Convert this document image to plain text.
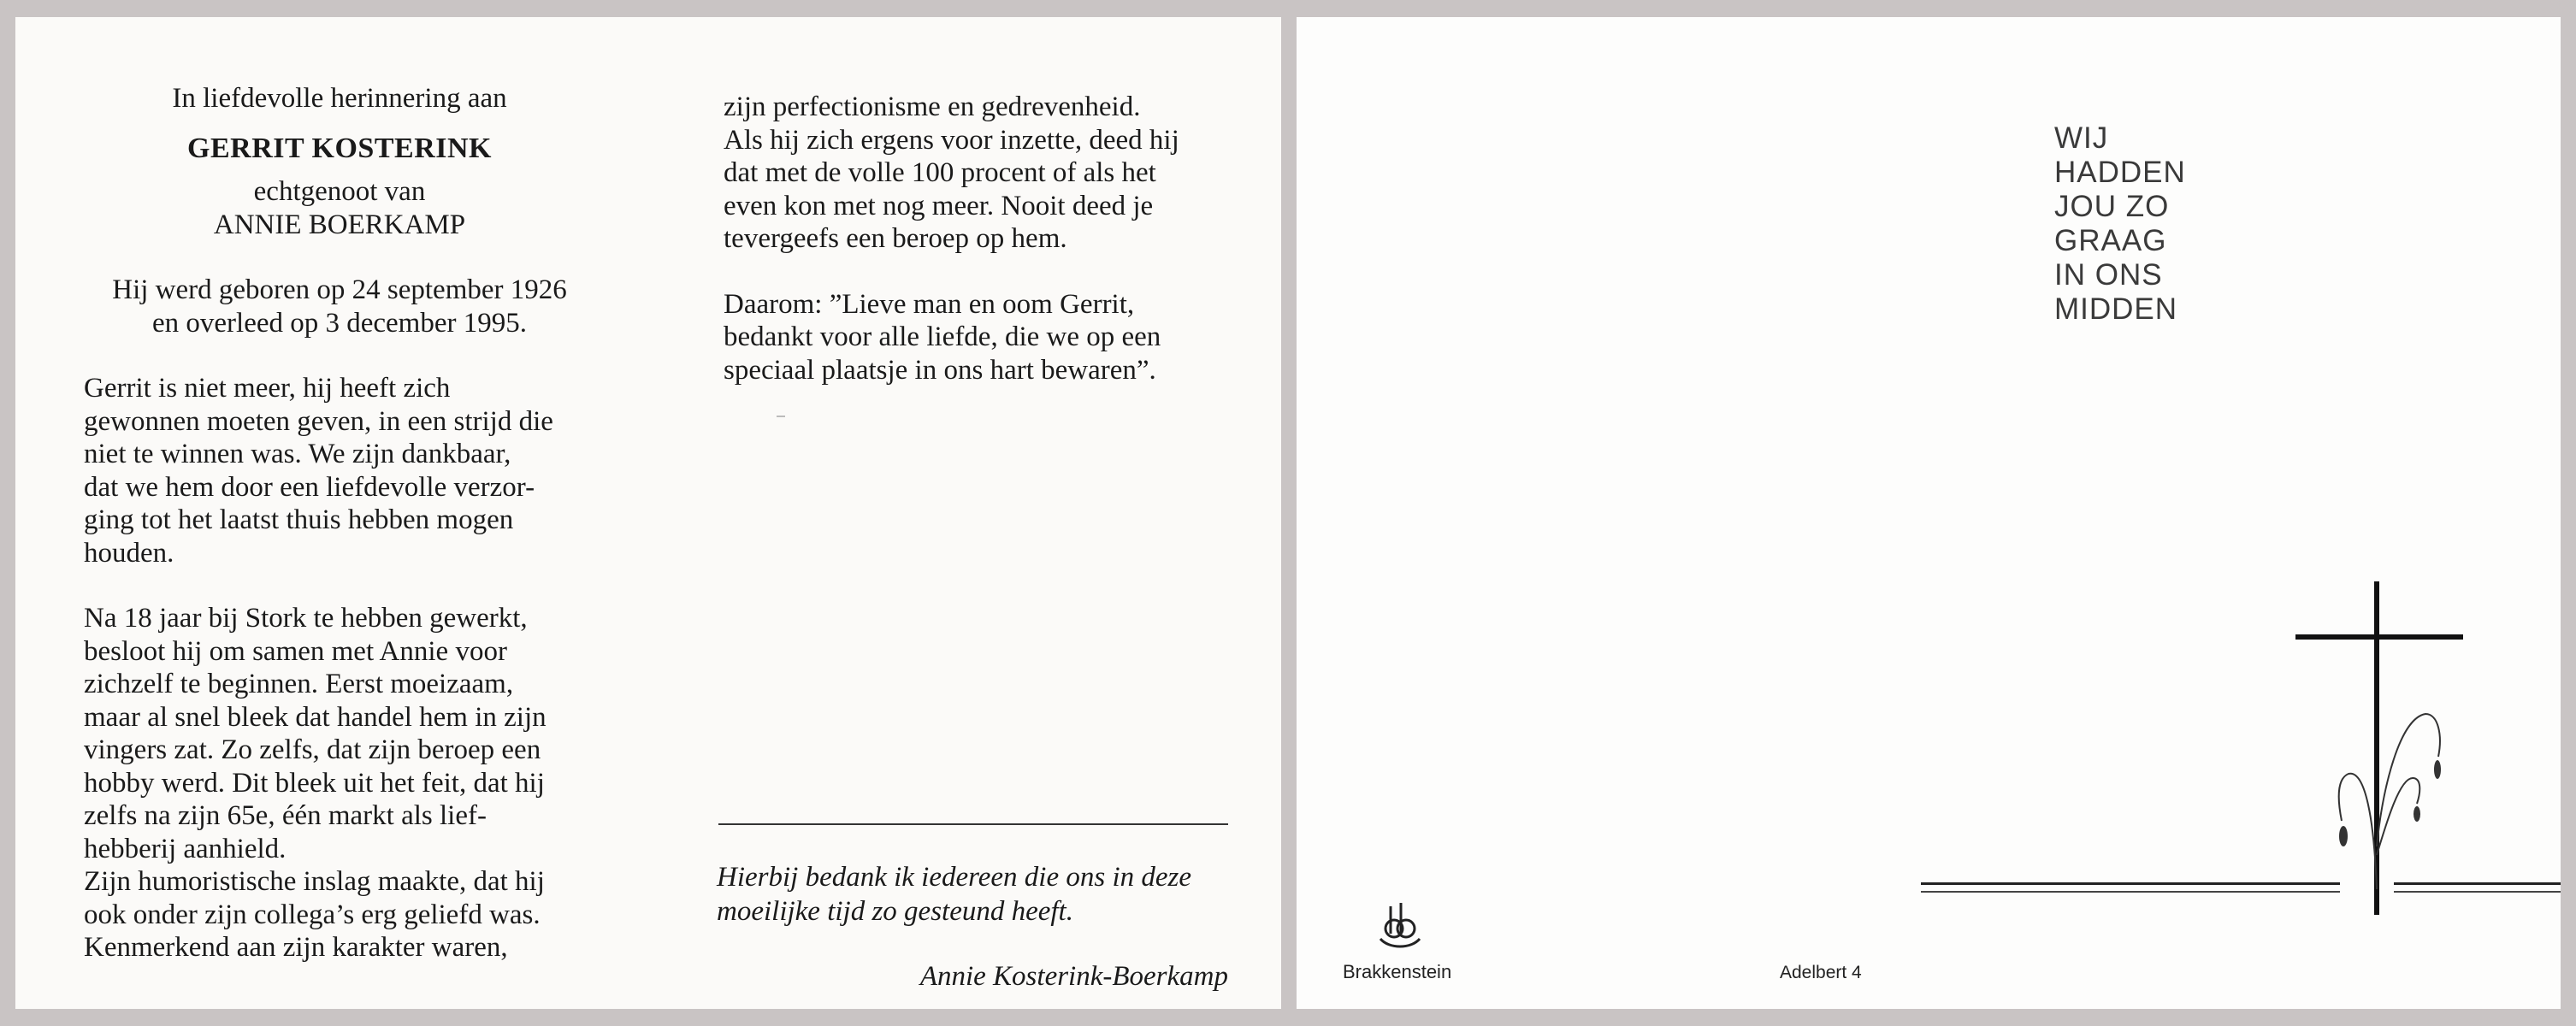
In liefdevolle herinnering aan

GERRIT KOSTERINK

echtgenoot van

ANNIE BOERKAMP

Hij werd geboren op 24 september 1926

en overleed op 3 december 1995.

Gerrit is niet meer, hij heeft zich

gewonnen moeten geven, in een strijd die

niet te winnen was. We zijn dankbaar,

dat we hem door een liefdevolle verzor-

ging tot het laatst thuis hebben mogen

houden.

Na 18 jaar bij Stork te hebben gewerkt,

besloot hij om samen met Annie voor

zichzelf te beginnen. Eerst moeizaam,

maar al snel bleek dat handel hem in zijn

vingers zat. Zo zelfs, dat zijn beroep een

hobby werd. Dit bleek uit het feit, dat hij

zelfs na zijn 65e, één markt als lief-

hebberij aanhield.

Zijn humoristische inslag maakte, dat hij

ook onder zijn collega’s erg geliefd was.

Kenmerkend aan zijn karakter waren,

zijn perfectionisme en gedrevenheid.

Als hij zich ergens voor inzette, deed hij

dat met de volle 100 procent of als het

even kon met nog meer. Nooit deed je

tevergeefs een beroep op hem.

Daarom: ”Lieve man en oom Gerrit,

bedankt voor alle liefde, die we op een

speciaal plaatsje in ons hart bewaren”.

Hierbij bedank ik iedereen die ons in deze
moeilijke tijd zo gesteund heeft.
Annie Kosterink-Boerkamp
WIJ
HADDEN
JOU ZO
GRAAG
IN ONS
MIDDEN
Brakkenstein	Adelbert 4
